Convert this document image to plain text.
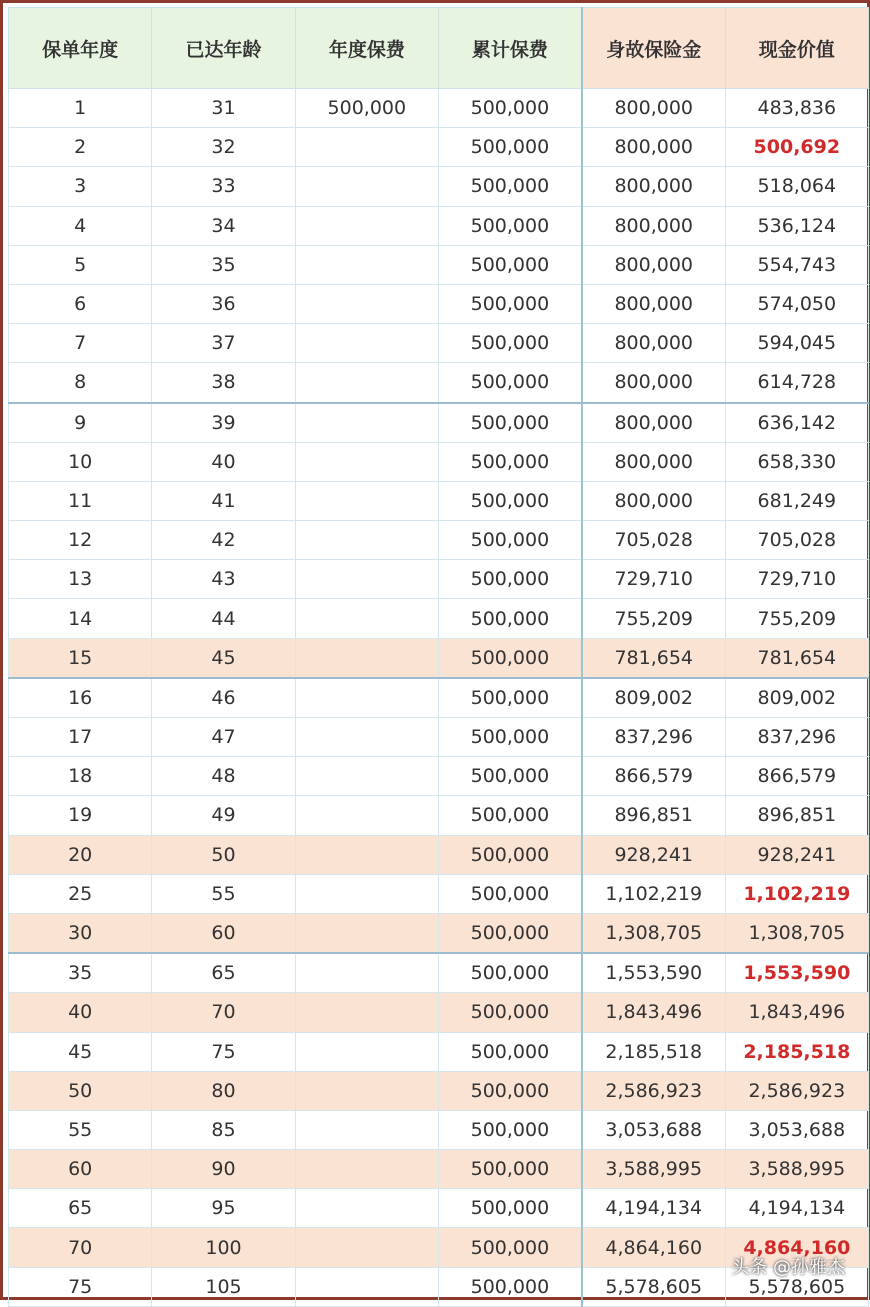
保单年度	已达年龄	年度保费	累计保费	身故保险金	现金价值
1	31	500,000	500,000	800,000	483,836
2	32		500,000	800,000	500,692
3	33		500,000	800,000	518,064
4	34		500,000	800,000	536,124
5	35		500,000	800,000	554,743
6	36		500,000	800,000	574,050
7	37		500,000	800,000	594,045
8	38		500,000	800,000	614,728
9	39		500,000	800,000	636,142
10	40		500,000	800,000	658,330
11	41		500,000	800,000	681,249
12	42		500,000	705,028	705,028
13	43		500,000	729,710	729,710
14	44		500,000	755,209	755,209
15	45		500,000	781,654	781,654
16	46		500,000	809,002	809,002
17	47		500,000	837,296	837,296
18	48		500,000	866,579	866,579
19	49		500,000	896,851	896,851
20	50		500,000	928,241	928,241
25	55		500,000	1,102,219	1,102,219
30	60		500,000	1,308,705	1,308,705
35	65		500,000	1,553,590	1,553,590
40	70		500,000	1,843,496	1,843,496
45	75		500,000	2,185,518	2,185,518
50	80		500,000	2,586,923	2,586,923
55	85		500,000	3,053,688	3,053,688
60	90		500,000	3,588,995	3,588,995
65	95		500,000	4,194,134	4,194,134
70	100		500,000	4,864,160	4,864,160
75	105		500,000	5,578,605	5,578,605
头条 @孙雅杰
